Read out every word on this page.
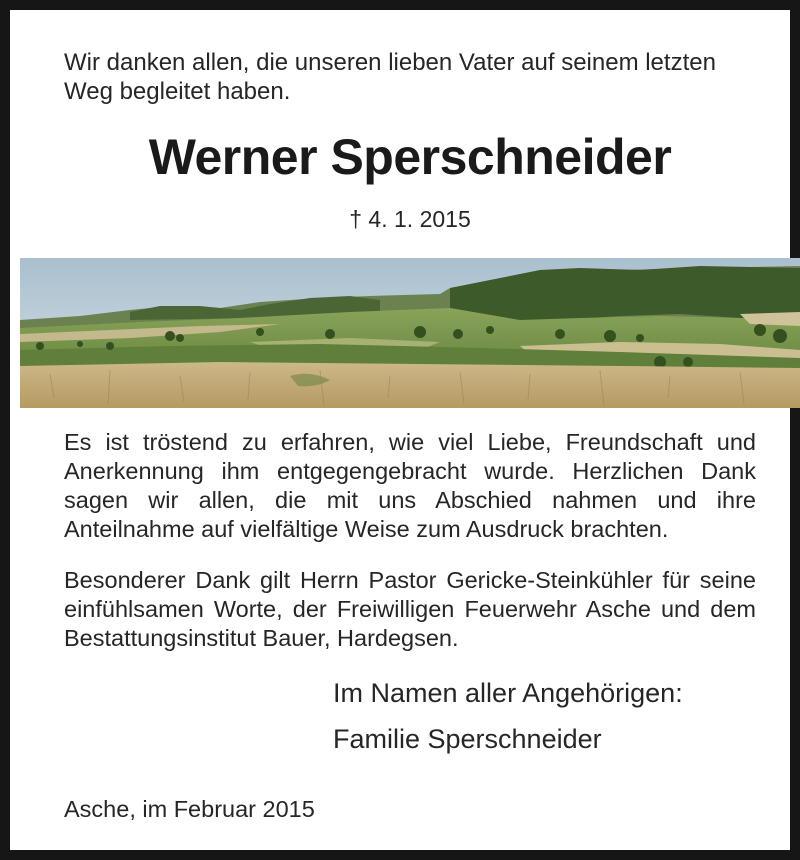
Wir danken allen, die unseren lieben Vater auf seinem letzten Weg begleitet haben.

Werner Sperschneider

† 4. 1. 2015

Es ist tröstend zu erfahren, wie viel Liebe, Freundschaft und Anerkennung ihm entgegengebracht wurde. Herzlichen Dank sagen wir allen, die mit uns Abschied nahmen und ihre Anteilnahme auf vielfältige Weise zum Ausdruck brachten.

Besonderer Dank gilt Herrn Pastor Gericke-Steinkühler für seine einfühlsamen Worte, der Freiwilligen Feuerwehr Asche und dem Bestattungsinstitut Bauer, Hardegsen.

Im Namen aller Angehörigen:

Familie Sperschneider

Asche, im Februar 2015
